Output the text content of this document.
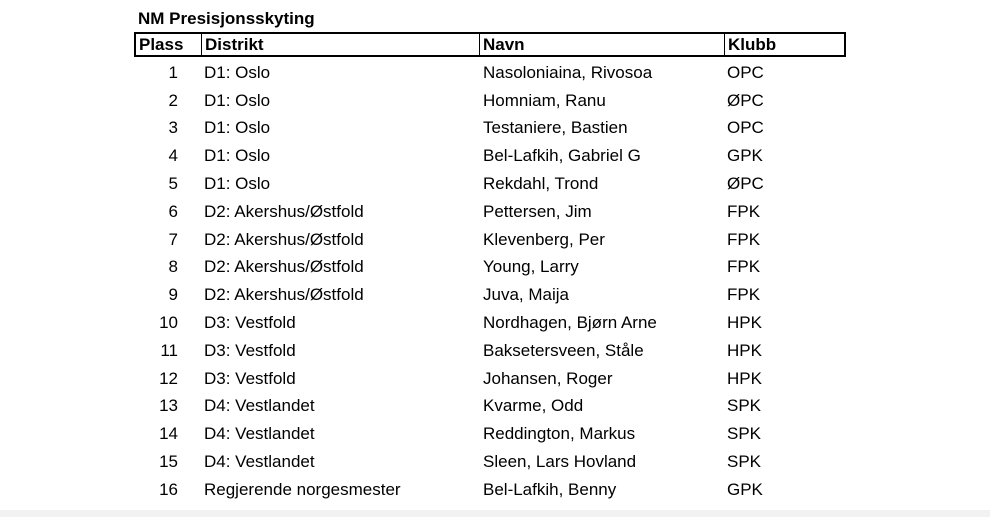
NM Presisjonsskyting
Plass	Distrikt	Navn	Klubb
1	D1: Oslo	Nasoloniaina, Rivosoa	OPC
2	D1: Oslo	Homniam, Ranu	ØPC
3	D1: Oslo	Testaniere, Bastien	OPC
4	D1: Oslo	Bel-Lafkih, Gabriel G	GPK
5	D1: Oslo	Rekdahl, Trond	ØPC
6	D2: Akershus/Østfold	Pettersen, Jim	FPK
7	D2: Akershus/Østfold	Klevenberg, Per	FPK
8	D2: Akershus/Østfold	Young, Larry	FPK
9	D2: Akershus/Østfold	Juva, Maija	FPK
10	D3: Vestfold	Nordhagen, Bjørn Arne	HPK
11	D3: Vestfold	Baksetersveen, Ståle	HPK
12	D3: Vestfold	Johansen, Roger	HPK
13	D4: Vestlandet	Kvarme, Odd	SPK
14	D4: Vestlandet	Reddington, Markus	SPK
15	D4: Vestlandet	Sleen, Lars Hovland	SPK
16	Regjerende norgesmester	Bel-Lafkih, Benny	GPK
